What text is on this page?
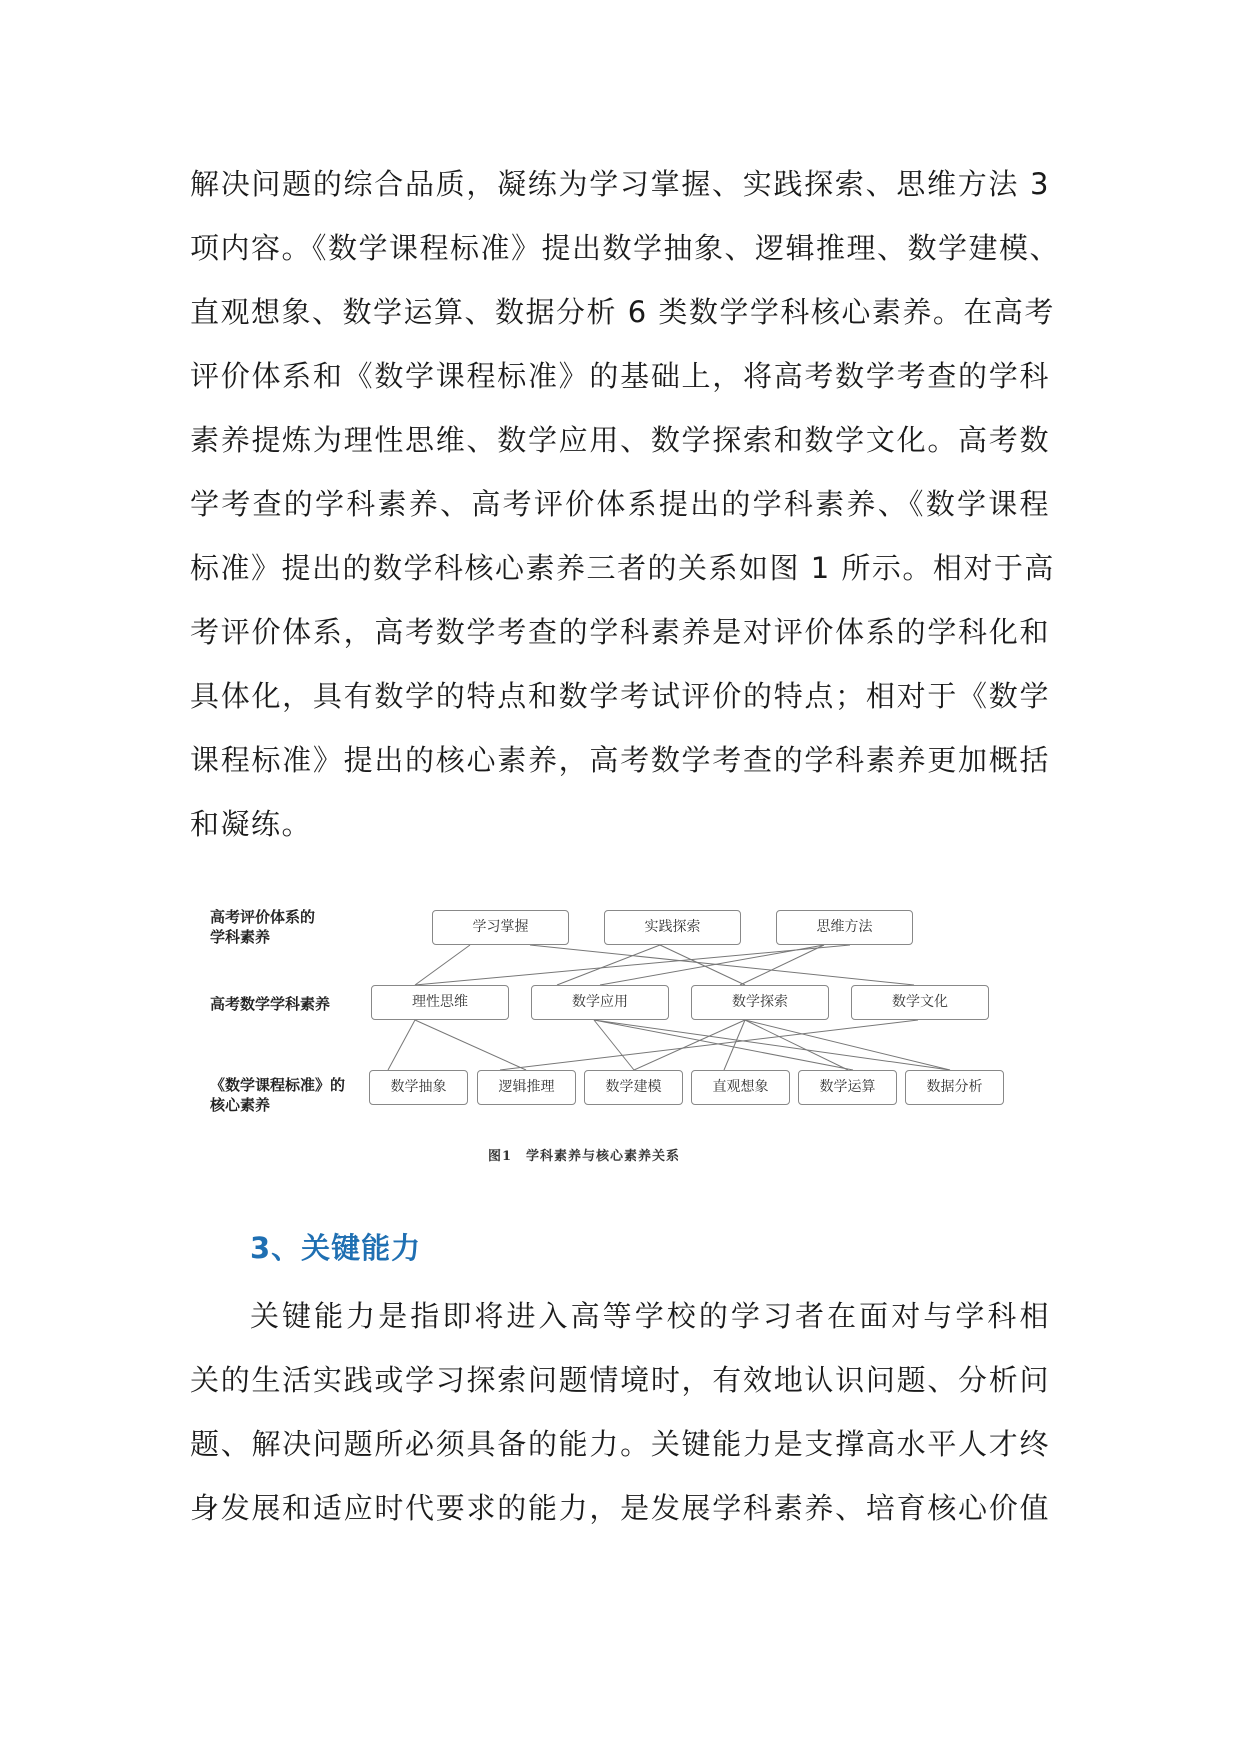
解决问题的综合品质，凝练为学习掌握、实践探索、思维方法 3
项内容。《数学课程标准》提出数学抽象、逻辑推理、数学建模、
直观想象、数学运算、数据分析 6 类数学学科核心素养。在高考
评价体系和《数学课程标准》的基础上，将高考数学考查的学科
素养提炼为理性思维、数学应用、数学探索和数学文化。高考数
学考查的学科素养、高考评价体系提出的学科素养、《数学课程
标准》提出的数学科核心素养三者的关系如图 1 所示。相对于高
考评价体系，高考数学考查的学科素养是对评价体系的学科化和
具体化，具有数学的特点和数学考试评价的特点；相对于《数学
课程标准》提出的核心素养，高考数学考查的学科素养更加概括
和凝练。
高考评价体系的
学科素养
高考数学学科素养
《数学课程标准》的
核心素养
学习掌握	实践探索	思维方法
理性思维	数学应用	数学探索	数学文化
数学抽象	逻辑推理	数学建模	直观想象	数学运算	数据分析
图1　学科素养与核心素养关系
3、关键能力
关键能力是指即将进入高等学校的学习者在面对与学科相
关的生活实践或学习探索问题情境时，有效地认识问题、分析问
题、解决问题所必须具备的能力。关键能力是支撑高水平人才终
身发展和适应时代要求的能力，是发展学科素养、培育核心价值
